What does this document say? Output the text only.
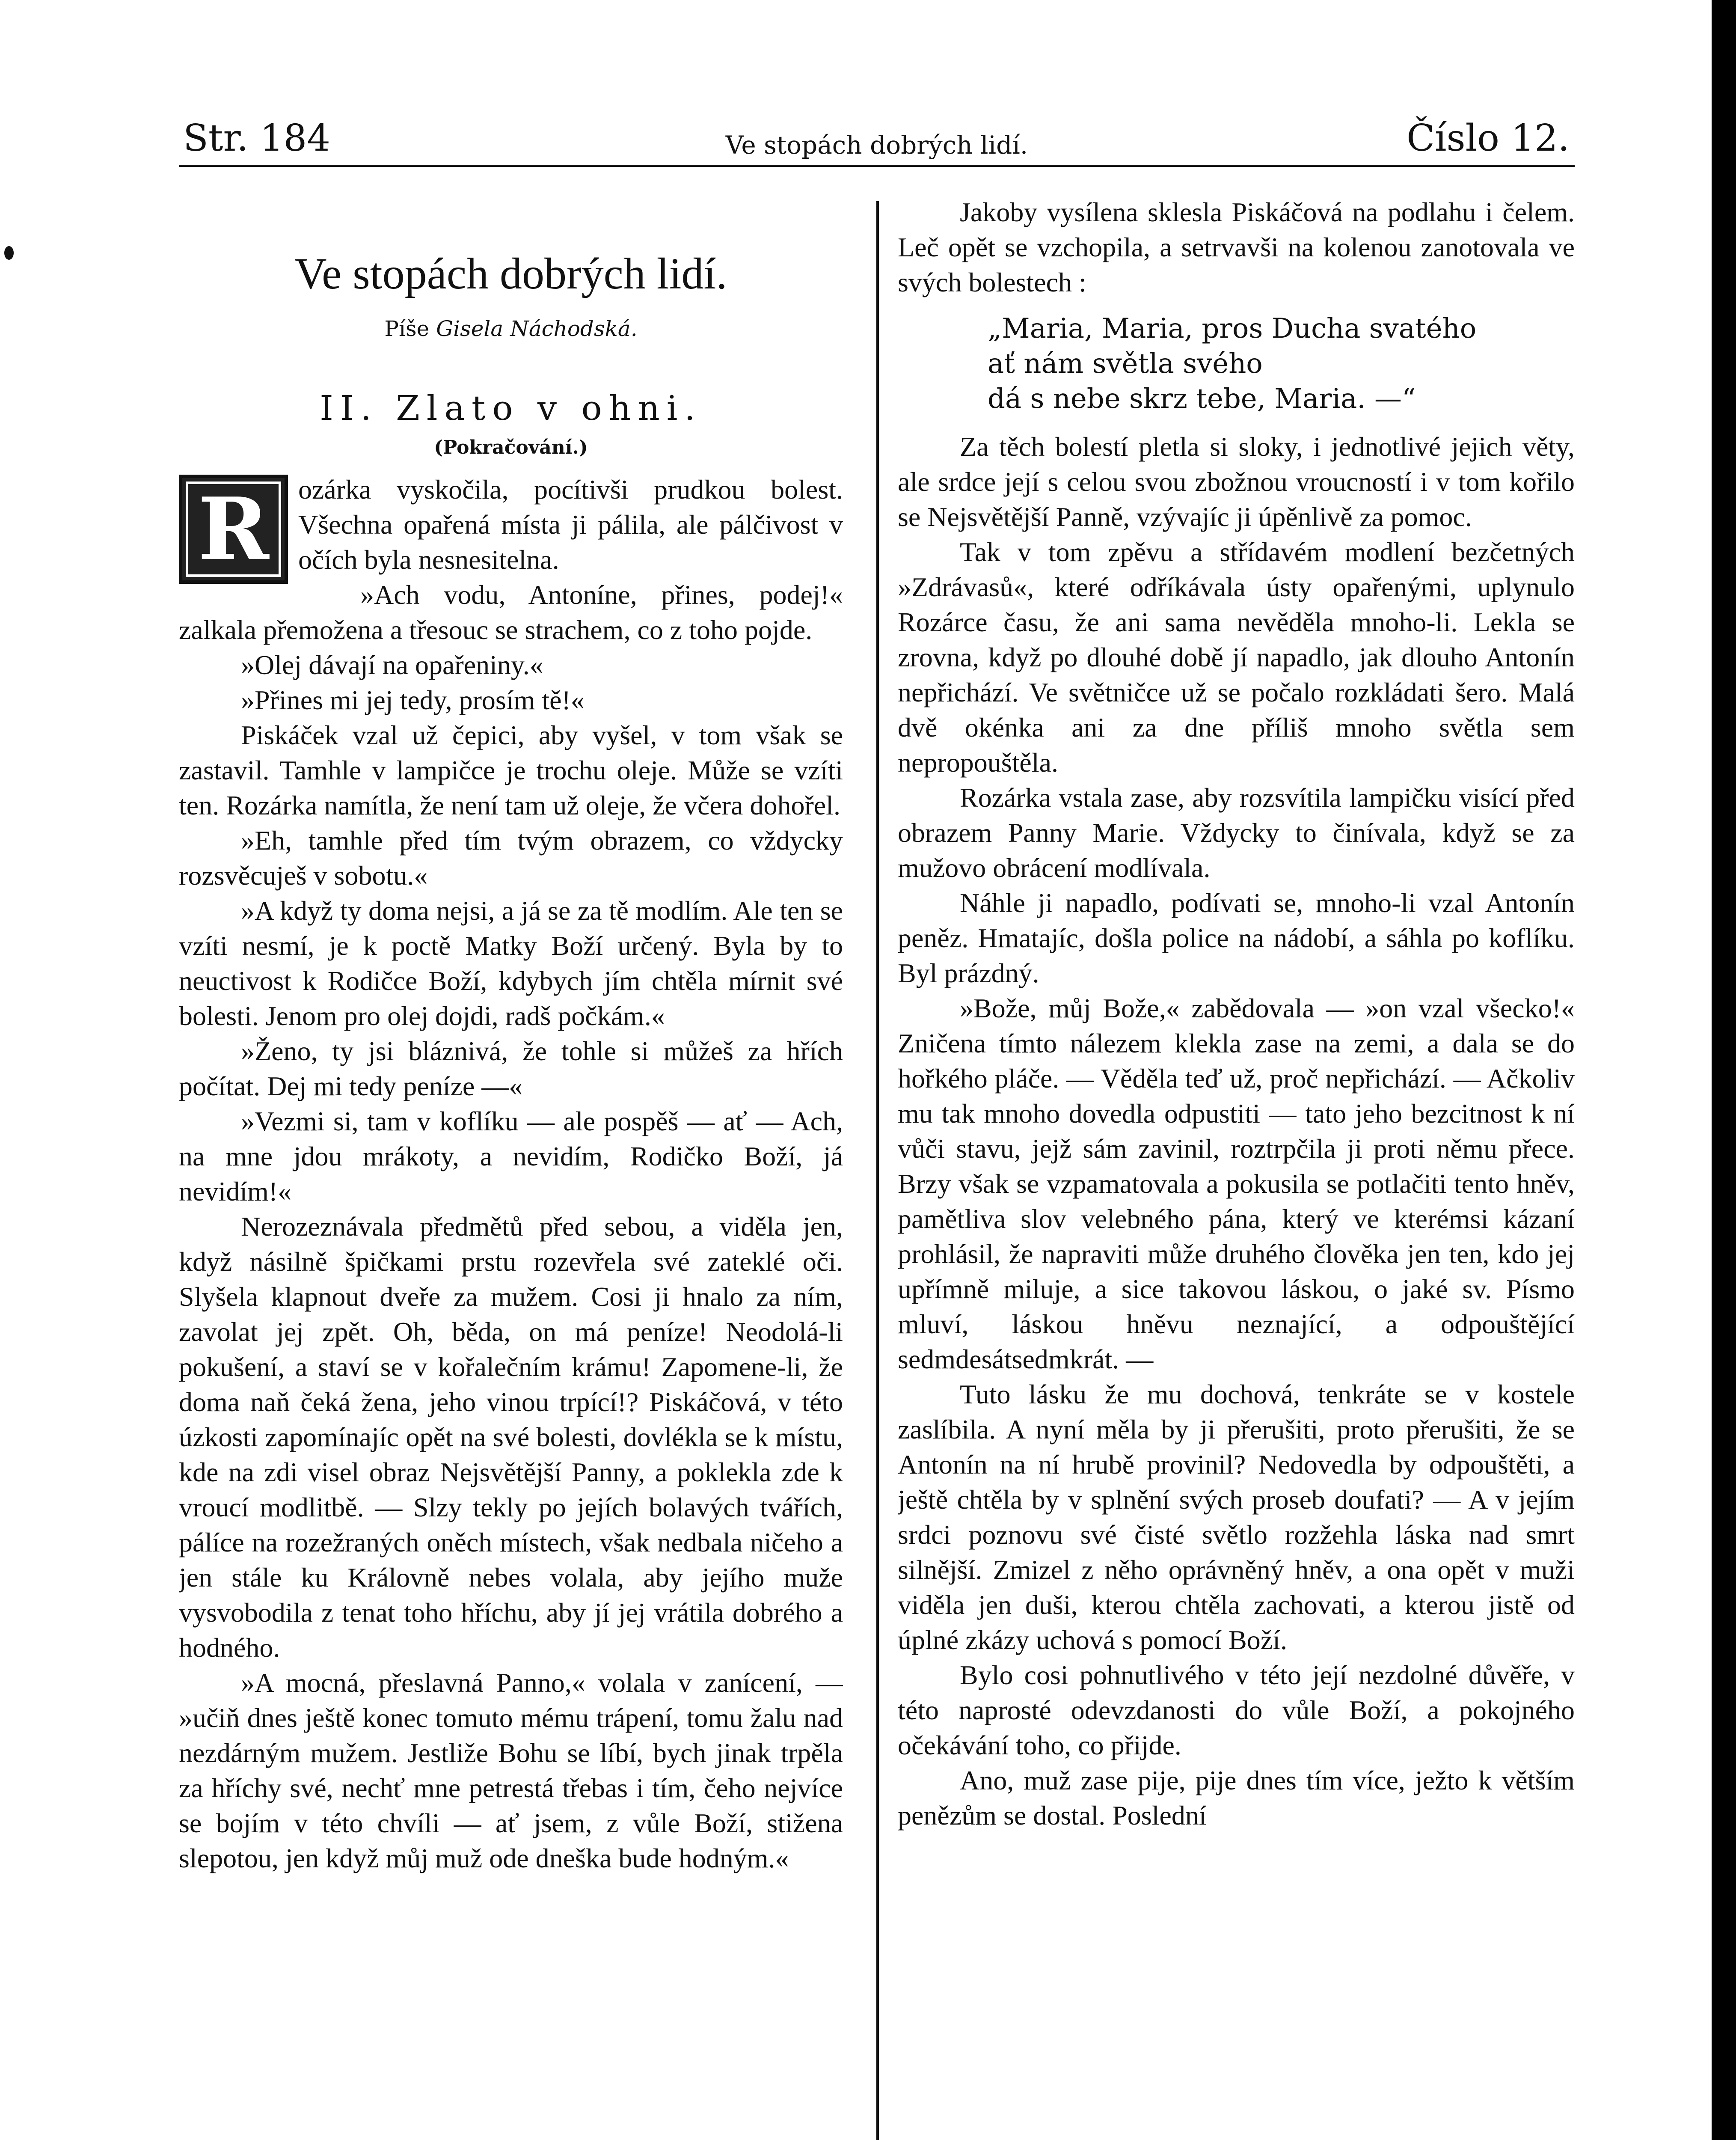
Str. 184	Ve stopách dobrých lidí.	Číslo 12.
Ve stopách dobrých lidí.
Píše Gisela Náchodská.
II. Zlato v ohni.
(Pokračování.)

R	ozárka vyskočila, pocítivši prudkou bolest. Všechna opařená místa ji pálila, ale pálčivost v očích byla nesnesitelna.

»Ach vodu, Antoníne, přines, podej!« zalkala přemožena a třesouc se strachem, co z toho pojde.

»Olej dávají na opařeniny.«

»Přines mi jej tedy, prosím tě!«

Piskáček vzal už čepici, aby vyšel, v tom však se zastavil. Tamhle v lampičce je trochu oleje. Může se vzíti ten. Rozárka namítla, že není tam už oleje, že včera dohořel.

»Eh, tamhle před tím tvým obrazem, co vždycky rozsvěcuješ v sobotu.«

»A když ty doma nejsi, a já se za tě modlím. Ale ten se vzíti nesmí, je k poctě Matky Boží určený. Byla by to neuctivost k Rodičce Boží, kdybych jím chtěla mírnit své bolesti. Jenom pro olej dojdi, radš počkám.«

»Ženo, ty jsi bláznivá, že tohle si můžeš za hřích počítat. Dej mi tedy peníze —«

»Vezmi si, tam v koflíku — ale pospěš — ať — Ach, na mne jdou mrákoty, a nevidím, Rodičko Boží, já nevidím!«

Nerozeznávala předmětů před sebou, a viděla jen, když násilně špičkami prstu rozevřela své zateklé oči. Slyšela klapnout dveře za mužem. Cosi ji hnalo za ním, zavolat jej zpět. Oh, běda, on má peníze! Neodolá-li pokušení, a staví se v kořalečním krámu! Zapomene-li, že doma naň čeká žena, jeho vinou trpící!? Piskáčová, v této úzkosti zapomínajíc opět na své bolesti, dovlékla se k místu, kde na zdi visel obraz Nejsvětější Panny, a poklekla zde k vroucí modlitbě. — Slzy tekly po jejích bolavých tvářích, pálíce na rozežraných oněch místech, však nedbala ničeho a jen stále ku Královně nebes volala, aby jejího muže vysvobodila z tenat toho hříchu, aby jí jej vrátila dobrého a hodného.

»A mocná, přeslavná Panno,« volala v zanícení, — »učiň dnes ještě konec tomuto mému trápení, tomu žalu nad nezdárným mužem. Jestliže Bohu se líbí, bych jinak trpěla za hříchy své, nechť mne petrestá třebas i tím, čeho nejvíce se bojím v této chvíli — ať jsem, z vůle Boží, stižena slepotou, jen když můj muž ode dneška bude hodným.«

Jakoby vysílena sklesla Piskáčová na podlahu i čelem. Leč opět se vzchopila, a setrvavši na kolenou zanotovala ve svých bolestech :

„Maria, Maria, pros Ducha svatého
ať nám světla svého
dá s nebe skrz tebe, Maria. —“

Za těch bolestí pletla si sloky, i jednotlivé jejich věty, ale srdce její s celou svou zbožnou vroucností i v tom kořilo se Nejsvětější Panně, vzývajíc ji úpěnlivě za pomoc.

Tak v tom zpěvu a střídavém modlení bezčetných »Zdrávasů«, které odříkávala ústy opařenými, uplynulo Rozárce času, že ani sama nevěděla mnoho-li. Lekla se zrovna, když po dlouhé době jí napadlo, jak dlouho Antonín nepřichází. Ve světničce už se počalo rozkládati šero. Malá dvě okénka ani za dne příliš mnoho světla sem nepropouštěla.

Rozárka vstala zase, aby rozsvítila lampičku visící před obrazem Panny Marie. Vždycky to činívala, když se za mužovo obrácení modlívala.

Náhle ji napadlo, podívati se, mnoho-li vzal Antonín peněz. Hmatajíc, došla police na nádobí, a sáhla po koflíku. Byl prázdný.

»Bože, můj Bože,« zabědovala — »on vzal všecko!« Zničena tímto nálezem klekla zase na zemi, a dala se do hořkého pláče. — Věděla teď už, proč nepřichází. — Ačkoliv mu tak mnoho dovedla odpustiti — tato jeho bezcitnost k ní vůči stavu, jejž sám zavinil, roztrpčila ji proti němu přece. Brzy však se vzpamatovala a pokusila se potlačiti tento hněv, pamětliva slov velebného pána, který ve kterémsi kázaní prohlásil, že napraviti může druhého člověka jen ten, kdo jej upřímně miluje, a sice takovou láskou, o jaké sv. Písmo mluví, láskou hněvu neznající, a odpouštějící sedmdesátsedmkrát. —

Tuto lásku že mu dochová, tenkráte se v kostele zaslíbila. A nyní měla by ji přerušiti, proto přerušiti, že se Antonín na ní hrubě provinil? Nedovedla by odpouštěti, a ještě chtěla by v splnění svých proseb doufati? — A v jejím srdci poznovu své čisté světlo rozžehla láska nad smrt silnější. Zmizel z něho oprávněný hněv, a ona opět v muži viděla jen duši, kterou chtěla zachovati, a kterou jistě od úplné zkázy uchová s pomocí Boží.

Bylo cosi pohnutlivého v této její nezdolné důvěře, v této naprosté odevzdanosti do vůle Boží, a pokojného očekávání toho, co přijde.

Ano, muž zase pije, pije dnes tím více, ježto k větším penězům se dostal. Poslední
